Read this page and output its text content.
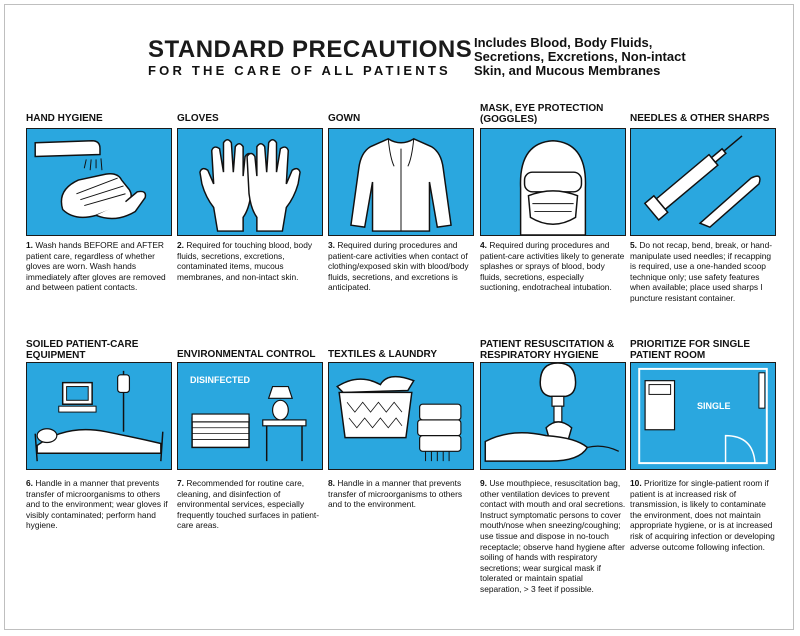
STANDARD PRECAUTIONS
FOR THE CARE OF ALL PATIENTS
Includes Blood, Body Fluids, Secretions, Excretions, Non-intact Skin, and Mucous Membranes
HAND HYGIENE
1. Wash hands BEFORE and AFTER patient care, regardless of whether gloves are worn. Wash hands immediately after gloves are removed and between patient contacts.
GLOVES
2. Required for touching blood, body fluids, secretions, excretions, contaminated items, mucous membranes, and non-intact skin.
GOWN
3. Required during procedures and patient-care activities when contact of clothing/exposed skin with blood/body fluids, secretions, and excretions is anticipated.
MASK, EYE PROTECTION (GOGGLES)
4. Required during procedures and patient-care activities likely to generate splashes or sprays of blood, body fluids, secretions, especially suctioning, endotracheal intubation.
NEEDLES & OTHER SHARPS
5. Do not recap, bend, break, or hand-manipulate used needles; if recapping is required, use a one-handed scoop technique only; use safety features when available; place used sharps I puncture resistant container.
SOILED PATIENT-CARE EQUIPMENT
6. Handle in a manner that prevents transfer of microorganisms to others and to the environment; wear gloves if visibly contaminated; perform hand hygiene.
ENVIRONMENTAL CONTROL
DISINFECTED
7. Recommended for routine care, cleaning, and disinfection of environmental services, especially frequently touched surfaces in patient-care areas.
TEXTILES & LAUNDRY
8. Handle in a manner that prevents transfer of microorganisms to others and to the environment.
PATIENT RESUSCITATION & RESPIRATORY HYGIENE
9. Use mouthpiece, resuscitation bag, other ventilation devices to prevent contact with mouth and oral secretions. Instruct symptomatic persons to cover mouth/nose when sneezing/coughing; use tissue and dispose in no-touch receptacle; observe hand hygiene after soiling of hands with respiratory secretions; wear surgical mask if tolerated or maintain spatial separation, > 3 feet if possible.
PRIORITIZE FOR SINGLE PATIENT ROOM
SINGLE
10. Prioritize for single-patient room if patient is at increased risk of transmission, is likely to contaminate the environment, does not maintain appropriate hygiene, or is at increased risk of acquiring infection or developing adverse outcome following infection.
